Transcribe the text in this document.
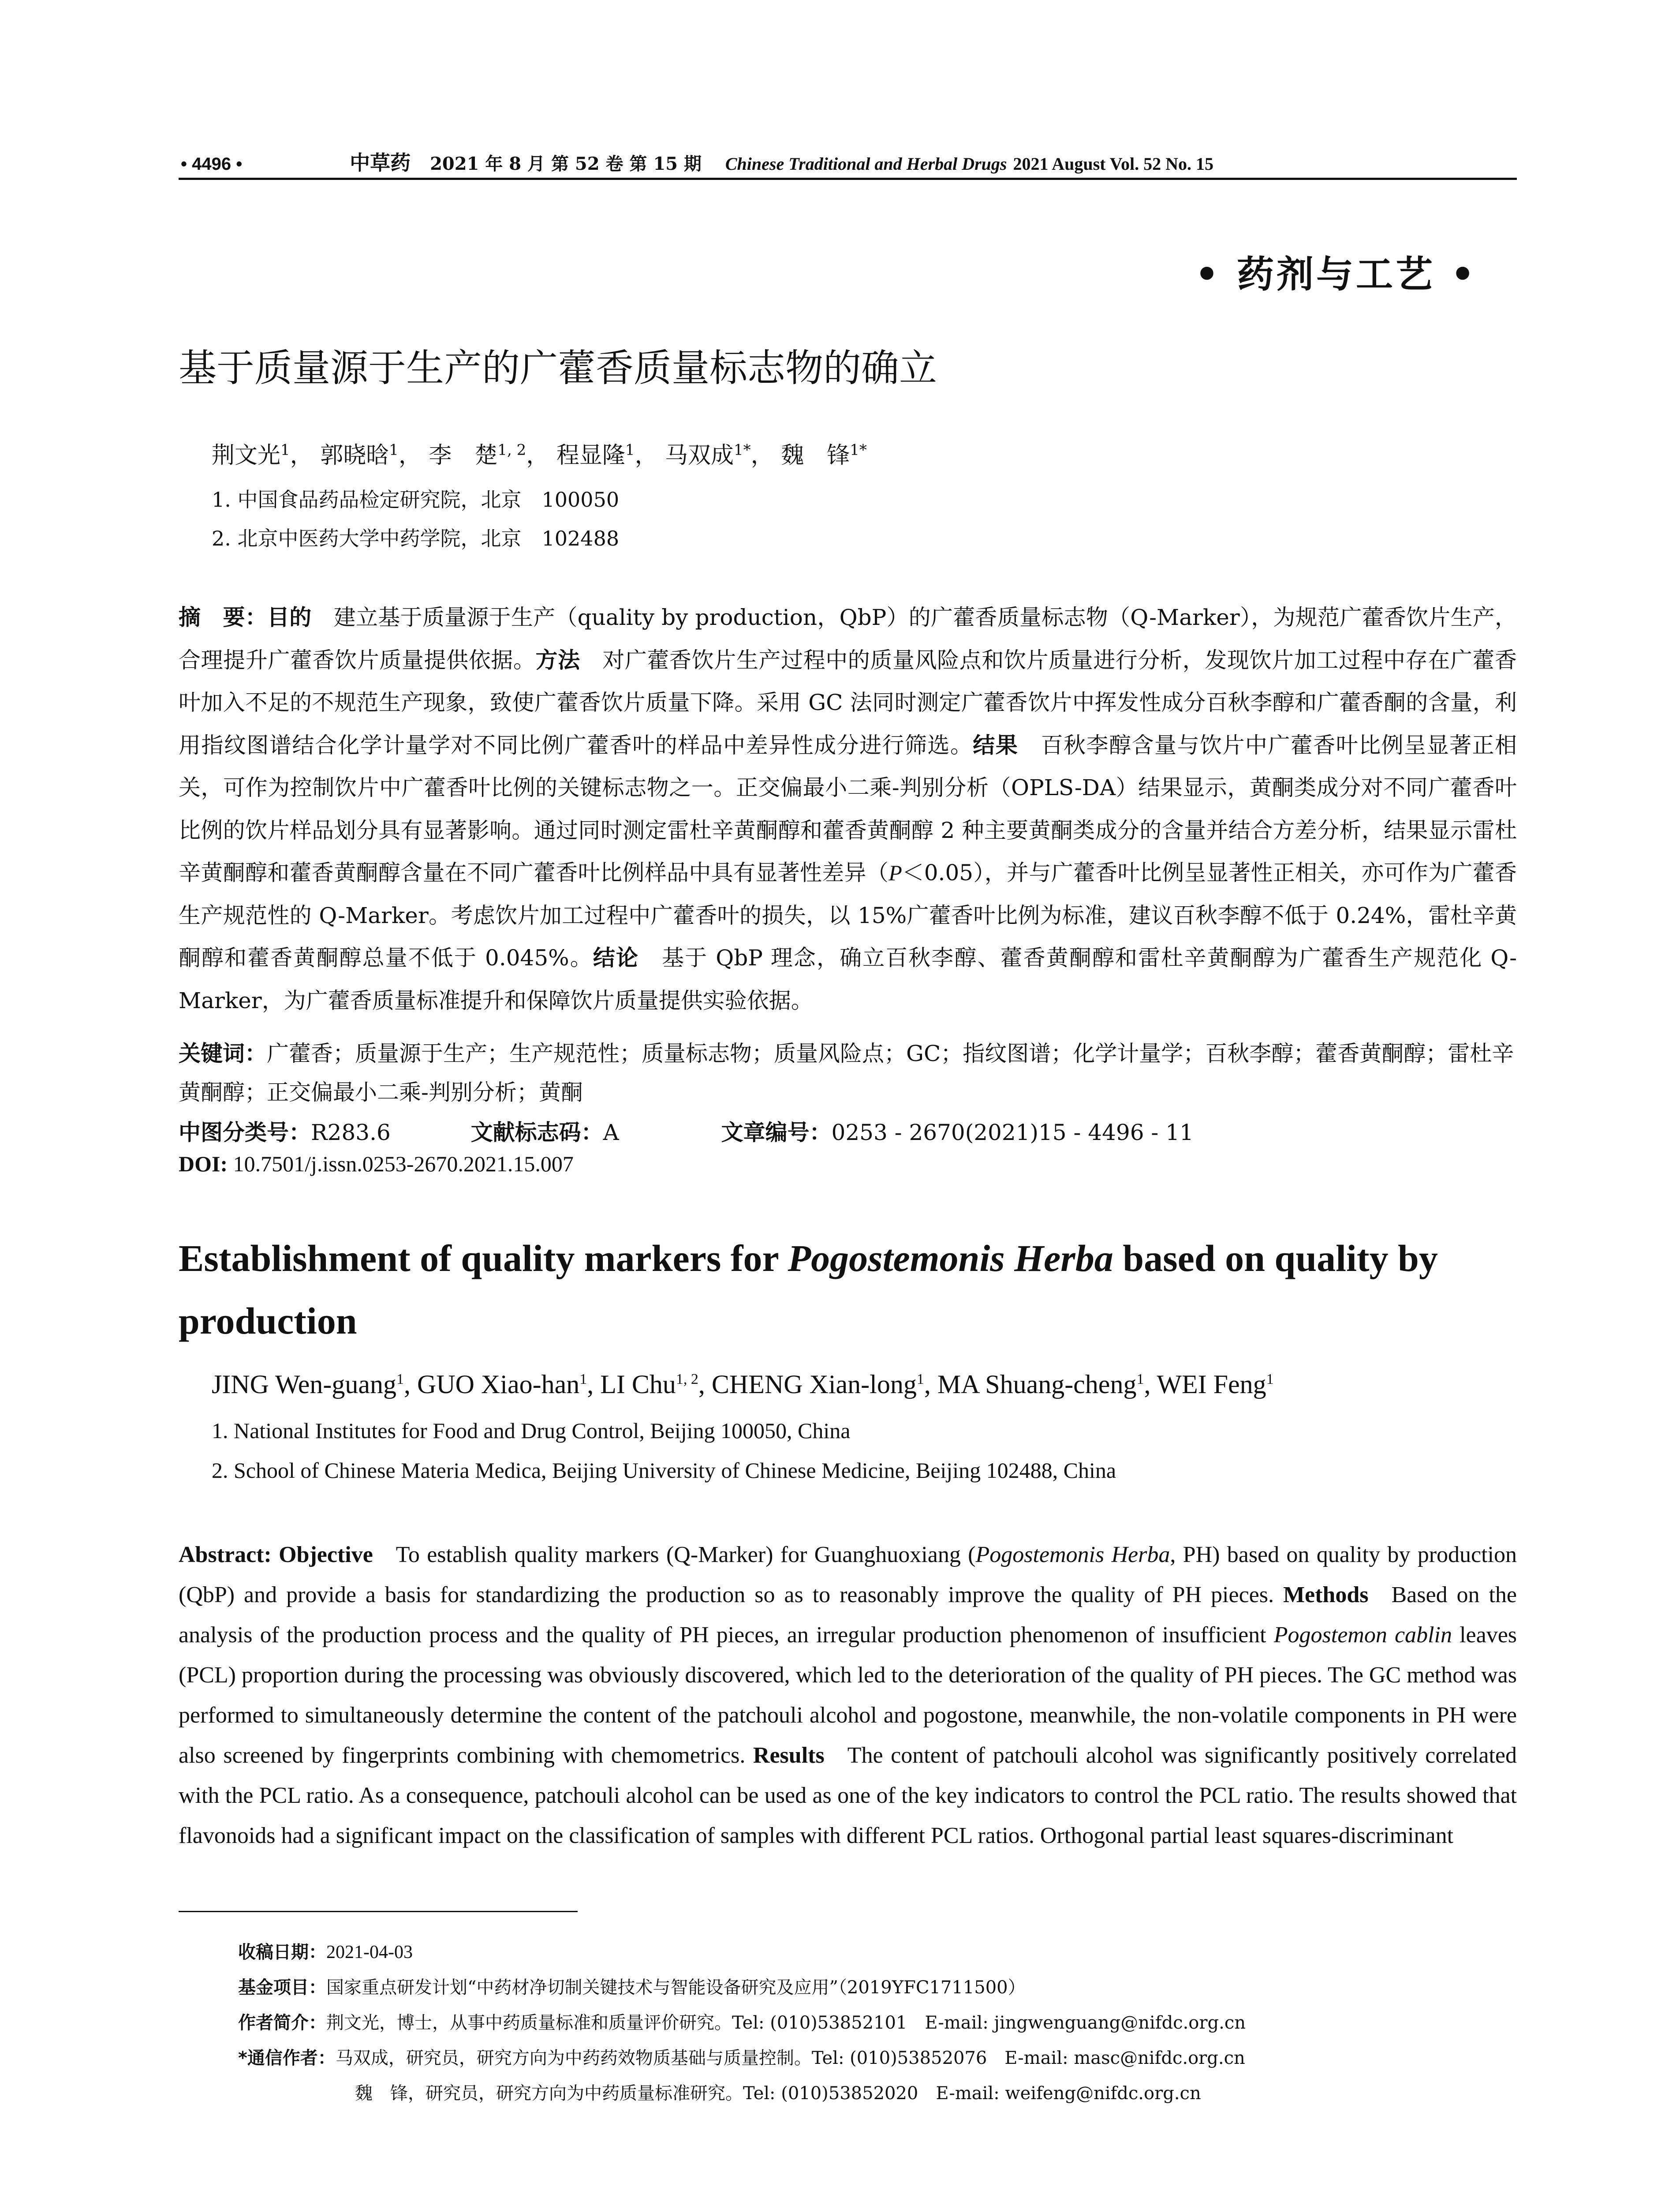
• 4496 •	中草药 2021 年 8 月 第 52 卷 第 15 期 Chinese Traditional and Herbal Drugs 2021 August Vol. 52 No. 15
• 药剂与工艺 •
基于质量源于生产的广藿香质量标志物的确立
荆文光$^1$， 郭晓晗$^1$， 李　楚$^{1, 2}$， 程显隆$^1$， 马双成$^{1*}$， 魏　锋$^{1*}$
1. 中国食品药品检定研究院，北京　100050
2. 北京中医药大学中药学院，北京　102488
摘　要：目的  建立基于质量源于生产（quality by production，QbP）的广藿香质量标志物（Q-Marker），为规范广藿香饮片生产，合理提升广藿香饮片质量提供依据。方法  对广藿香饮片生产过程中的质量风险点和饮片质量进行分析，发现饮片加工过程中存在广藿香叶加入不足的不规范生产现象，致使广藿香饮片质量下降。采用 GC 法同时测定广藿香饮片中挥发性成分百秋李醇和广藿香酮的含量，利用指纹图谱结合化学计量学对不同比例广藿香叶的样品中差异性成分进行筛选。结果  百秋李醇含量与饮片中广藿香叶比例呈显著正相关，可作为控制饮片中广藿香叶比例的关键标志物之一。正交偏最小二乘-判别分析（OPLS-DA）结果显示，黄酮类成分对不同广藿香叶比例的饮片样品划分具有显著影响。通过同时测定雷杜辛黄酮醇和藿香黄酮醇 2 种主要黄酮类成分的含量并结合方差分析，结果显示雷杜辛黄酮醇和藿香黄酮醇含量在不同广藿香叶比例样品中具有显著性差异（P＜0.05），并与广藿香叶比例呈显著性正相关，亦可作为广藿香生产规范性的 Q-Marker。考虑饮片加工过程中广藿香叶的损失，以 15%广藿香叶比例为标准，建议百秋李醇不低于 0.24%，雷杜辛黄酮醇和藿香黄酮醇总量不低于 0.045%。结论  基于 QbP 理念，确立百秋李醇、藿香黄酮醇和雷杜辛黄酮醇为广藿香生产规范化 Q-Marker，为广藿香质量标准提升和保障饮片质量提供实验依据。
关键词：广藿香；质量源于生产；生产规范性；质量标志物；质量风险点；GC；指纹图谱；化学计量学；百秋李醇；藿香黄酮醇；雷杜辛黄酮醇；正交偏最小二乘-判别分析；黄酮
中图分类号：R283.6	文献标志码：A	文章编号：0253 - 2670(2021)15 - 4496 - 11
DOI: 10.7501/j.issn.0253-2670.2021.15.007
Establishment of quality markers for Pogostemonis Herba based on quality by production
JING Wen-guang$^1$, GUO Xiao-han$^1$, LI Chu$^{1, 2}$, CHENG Xian-long$^1$, MA Shuang-cheng$^1$, WEI Feng$^1$
1. National Institutes for Food and Drug Control, Beijing 100050, China
2. School of Chinese Materia Medica, Beijing University of Chinese Medicine, Beijing 102488, China
Abstract: Objective  To establish quality markers (Q-Marker) for Guanghuoxiang (Pogostemonis Herba, PH) based on quality by production (QbP) and provide a basis for standardizing the production so as to reasonably improve the quality of PH pieces. Methods  Based on the analysis of the production process and the quality of PH pieces, an irregular production phenomenon of insufficient Pogostemon cablin leaves (PCL) proportion during the processing was obviously discovered, which led to the deterioration of the quality of PH pieces. The GC method was performed to simultaneously determine the content of the patchouli alcohol and pogostone, meanwhile, the non-volatile components in PH were also screened by fingerprints combining with chemometrics. Results  The content of patchouli alcohol was significantly positively correlated with the PCL ratio. As a consequence, patchouli alcohol can be used as one of the key indicators to control the PCL ratio. The results showed that flavonoids had a significant impact on the classification of samples with different PCL ratios. Orthogonal partial least squares-discriminant
收稿日期：2021-04-03
基金项目：国家重点研发计划“中药材净切制关键技术与智能设备研究及应用”（2019YFC1711500）
作者简介：荆文光，博士，从事中药质量标准和质量评价研究。Tel: (010)53852101　E-mail: jingwenguang@nifdc.org.cn
*通信作者：马双成，研究员，研究方向为中药药效物质基础与质量控制。Tel: (010)53852076　E-mail: masc@nifdc.org.cn
魏　锋，研究员，研究方向为中药质量标准研究。Tel: (010)53852020　E-mail: weifeng@nifdc.org.cn
